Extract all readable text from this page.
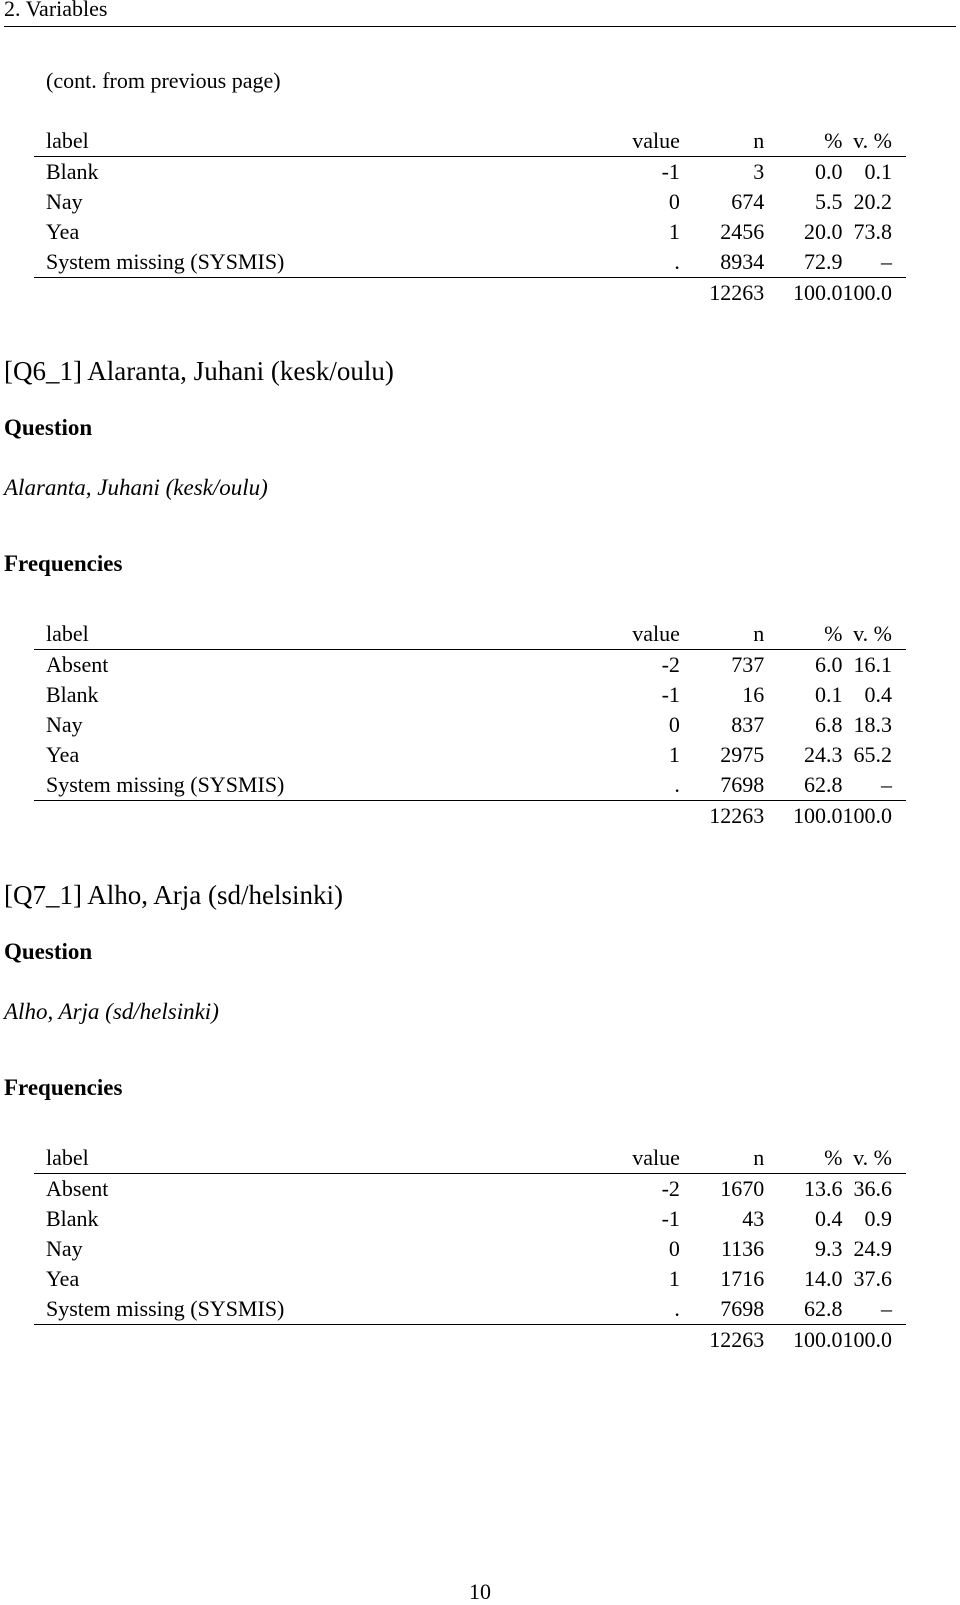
2. Variables
(cont. from previous page)
label	value	n	%	v. %
Blank	-1	3	0.0	0.1
Nay	0	674	5.5	20.2
Yea	1	2456	20.0	73.8
System missing (SYSMIS)	.	8934	72.9	–
		12263	100.0	100.0
[Q6_1] Alaranta, Juhani (kesk/oulu)
Question
Alaranta, Juhani (kesk/oulu)
Frequencies
label	value	n	%	v. %
Absent	-2	737	6.0	16.1
Blank	-1	16	0.1	0.4
Nay	0	837	6.8	18.3
Yea	1	2975	24.3	65.2
System missing (SYSMIS)	.	7698	62.8	–
		12263	100.0	100.0
[Q7_1] Alho, Arja (sd/helsinki)
Question
Alho, Arja (sd/helsinki)
Frequencies
label	value	n	%	v. %
Absent	-2	1670	13.6	36.6
Blank	-1	43	0.4	0.9
Nay	0	1136	9.3	24.9
Yea	1	1716	14.0	37.6
System missing (SYSMIS)	.	7698	62.8	–
		12263	100.0	100.0
10
